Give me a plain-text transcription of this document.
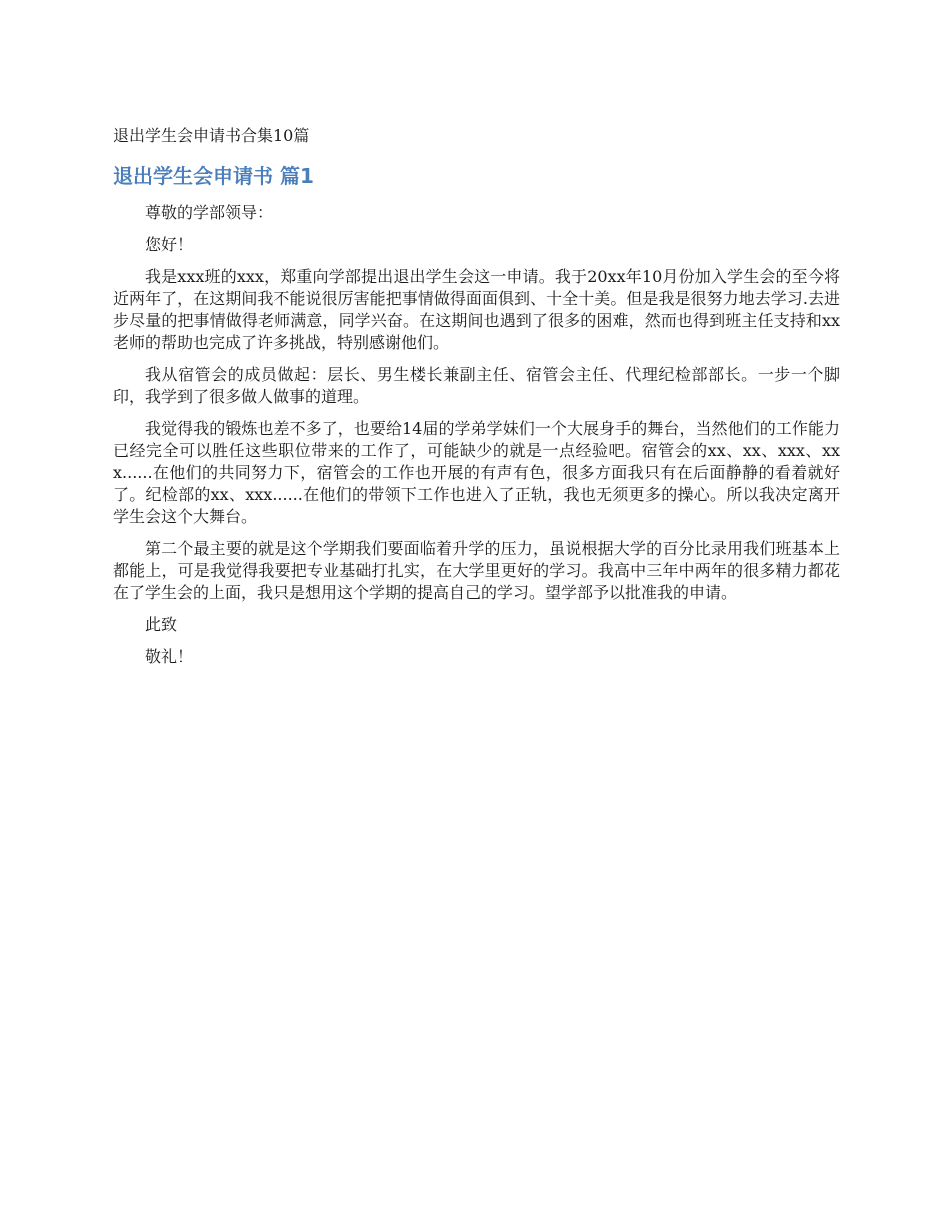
退出学生会申请书合集10篇
退出学生会申请书 篇1

尊敬的学部领导：

您好！

我是xxx班的xxx，郑重向学部提出退出学生会这一申请。我于20xx年10月份加入学生会的至今将近两年了，在这期间我不能说很厉害能把事情做得面面俱到、十全十美。但是我是很努力地去学习.去进步尽量的把事情做得老师满意，同学兴奋。在这期间也遇到了很多的困难，然而也得到班主任支持和xx老师的帮助也完成了许多挑战，特别感谢他们。

我从宿管会的成员做起：层长、男生楼长兼副主任、宿管会主任、代理纪检部部长。一步一个脚印，我学到了很多做人做事的道理。

我觉得我的锻炼也差不多了，也要给14届的学弟学妹们一个大展身手的舞台，当然他们的工作能力已经完全可以胜任这些职位带来的工作了，可能缺少的就是一点经验吧。宿管会的xx、xx、xxx、xxx......在他们的共同努力下，宿管会的工作也开展的有声有色，很多方面我只有在后面静静的看着就好了。纪检部的xx、xxx......在他们的带领下工作也进入了正轨，我也无须更多的操心。所以我决定离开学生会这个大舞台。

第二个最主要的就是这个学期我们要面临着升学的压力，虽说根据大学的百分比录用我们班基本上都能上，可是我觉得我要把专业基础打扎实，在大学里更好的学习。我高中三年中两年的很多精力都花在了学生会的上面，我只是想用这个学期的提高自己的学习。望学部予以批准我的申请。

此致

敬礼！
